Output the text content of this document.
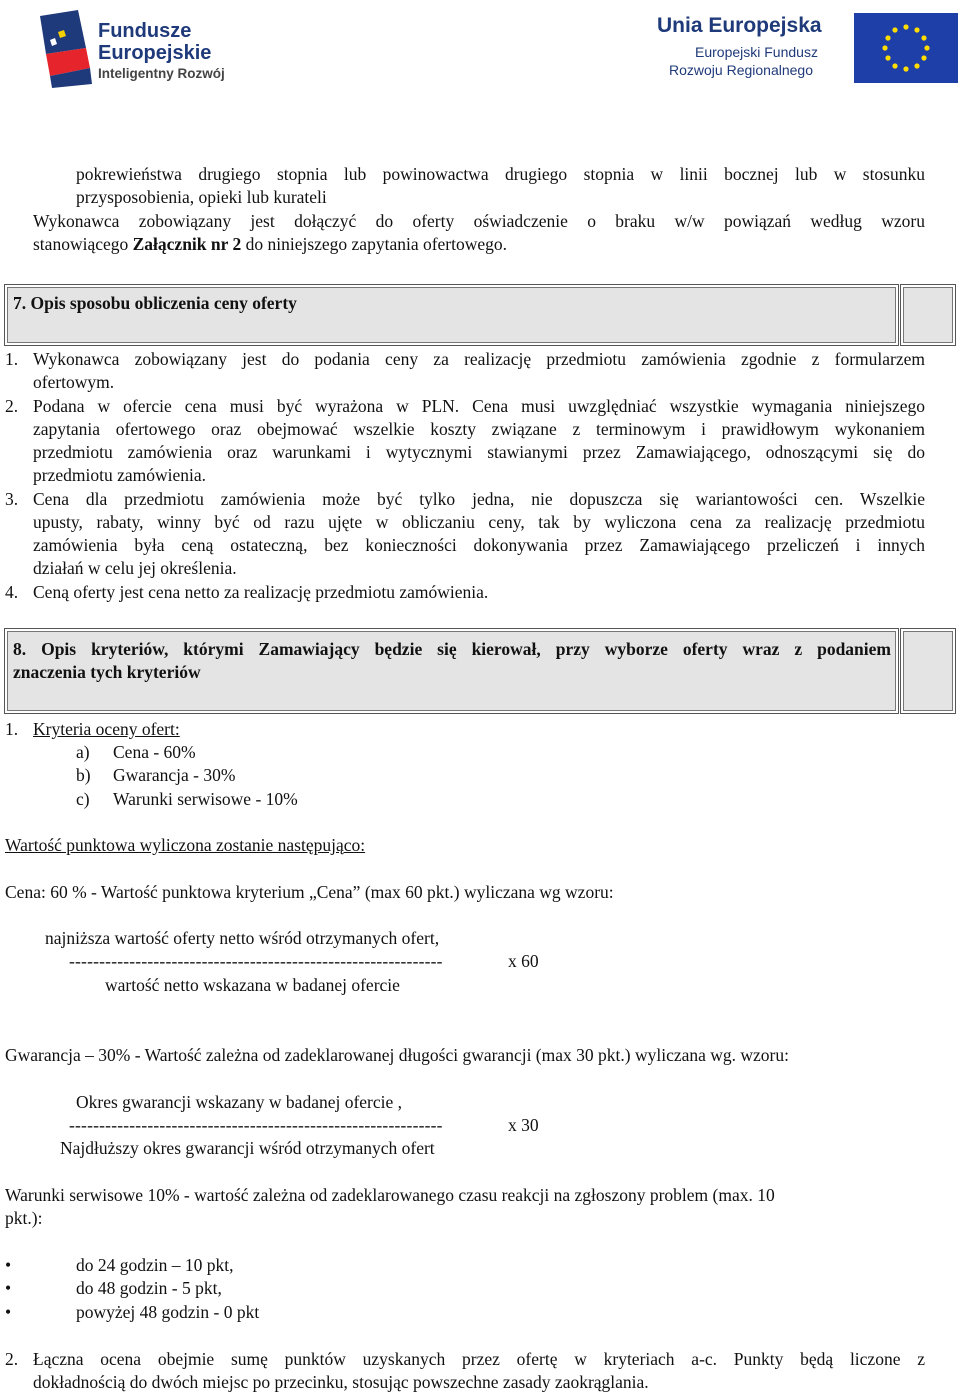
Fundusze
Europejskie
Inteligentny Rozwój
Unia Europejska
Europejski Fundusz
Rozwoju Regionalnego
pokrewieństwa drugiego stopnia lub powinowactwa drugiego stopnia w linii bocznej lub w stosunku
przysposobienia, opieki lub kurateli
Wykonawca zobowiązany jest dołączyć do oferty oświadczenie o braku w/w powiązań według wzoru
stanowiącego Załącznik nr 2 do niniejszego zapytania ofertowego.
7. Opis sposobu obliczenia ceny oferty
1. Wykonawca zobowiązany jest do podania ceny za realizację przedmiotu zamówienia zgodnie z formularzem
ofertowym.
2. Podana w ofercie cena musi być wyrażona w PLN. Cena musi uwzględniać wszystkie wymagania niniejszego
zapytania ofertowego oraz obejmować wszelkie koszty związane z terminowym i prawidłowym wykonaniem
przedmiotu zamówienia oraz warunkami i wytycznymi stawianymi przez Zamawiającego, odnoszącymi się do
przedmiotu zamówienia.
3. Cena dla przedmiotu zamówienia może być tylko jedna, nie dopuszcza się wariantowości cen. Wszelkie
upusty, rabaty, winny być od razu ujęte w obliczaniu ceny, tak by wyliczona cena za realizację przedmiotu
zamówienia była ceną ostateczną, bez konieczności dokonywania przez Zamawiającego przeliczeń i innych
działań w celu jej określenia.
4. Ceną oferty jest cena netto za realizację przedmiotu zamówienia.
8. Opis kryteriów, którymi Zamawiający będzie się kierował, przy wyborze oferty wraz z podaniem
znaczenia tych kryteriów
1. Kryteria oceny ofert:
a) Cena - 60%
b) Gwarancja - 30%
c) Warunki serwisowe - 10%
Wartość punktowa wyliczona zostanie następująco:
Cena: 60 % - Wartość punktowa kryterium „Cena” (max 60 pkt.) wyliczana wg wzoru:
najniższa wartość oferty netto wśród otrzymanych ofert,
--------------------------------------------------------------	x 60
wartość netto wskazana w badanej ofercie
Gwarancja – 30% - Wartość zależna od zadeklarowanej długości gwarancji (max 30 pkt.) wyliczana wg. wzoru:
Okres gwarancji wskazany w badanej ofercie ,
--------------------------------------------------------------	x 30
Najdłuższy okres gwarancji wśród otrzymanych ofert
Warunki serwisowe 10% - wartość zależna od zadeklarowanego czasu reakcji na zgłoszony problem (max. 10
pkt.):
•	do 24 godzin – 10 pkt,
•	do 48 godzin - 5 pkt,
•	powyżej 48 godzin - 0 pkt
2. Łączna ocena obejmie sumę punktów uzyskanych przez ofertę w kryteriach a-c. Punkty będą liczone z
dokładnością do dwóch miejsc po przecinku, stosując powszechne zasady zaokrąglania.
